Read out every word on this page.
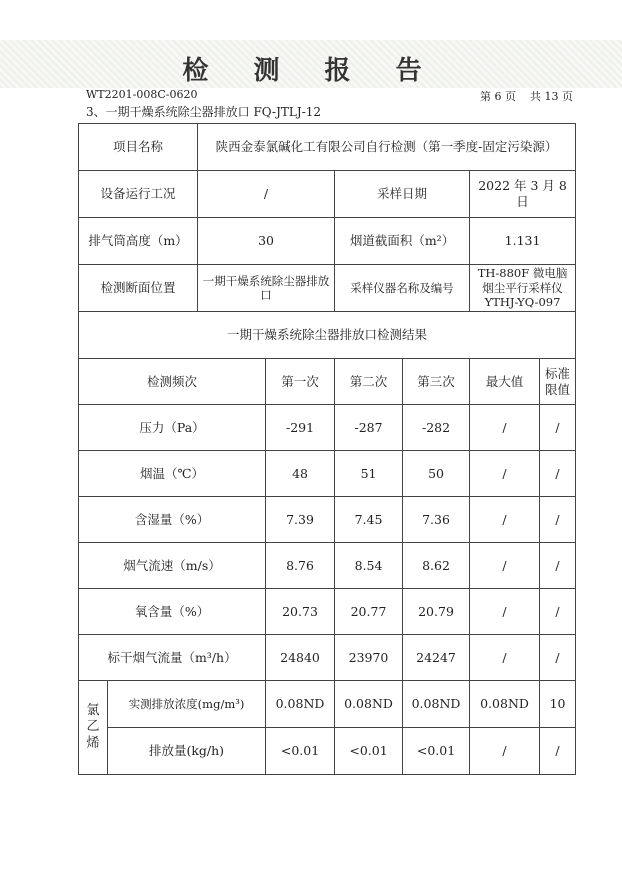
检 测 报 告
WT2201-008C-0620	第 6 页    共 13 页
3、一期干燥系统除尘器排放口 FQ-JTLJ-12
项目名称		陕西金泰氯碱化工有限公司自行检测（第一季度-固定污染源）					
设备运行工况		/		采样日期		2022 年 3 月 8 日	
排气筒高度（m）		30		烟道截面积（m²）		1.131	
检测断面位置		一期干燥系统除尘器排放口		采样仪器名称及编号		TH-880F 微电脑烟尘平行采样仪 YTHJ-YQ-097	
一期干燥系统除尘器排放口检测结果							
检测频次			第一次	第二次	第三次	最大值	标准限值
压力（Pa）			-291	-287	-282	/	/
烟温（℃）			48	51	50	/	/
含湿量（%）			7.39	7.45	7.36	/	/
烟气流速（m/s）			8.76	8.54	8.62	/	/
氧含量（%）			20.73	20.77	20.79	/	/
标干烟气流量（m³/h）			24840	23970	24247	/	/
氯
乙
烯	实测排放浓度(mg/m³)		0.08ND	0.08ND	0.08ND	0.08ND	10
	排放量(kg/h)		<0.01	<0.01	<0.01	/	/
